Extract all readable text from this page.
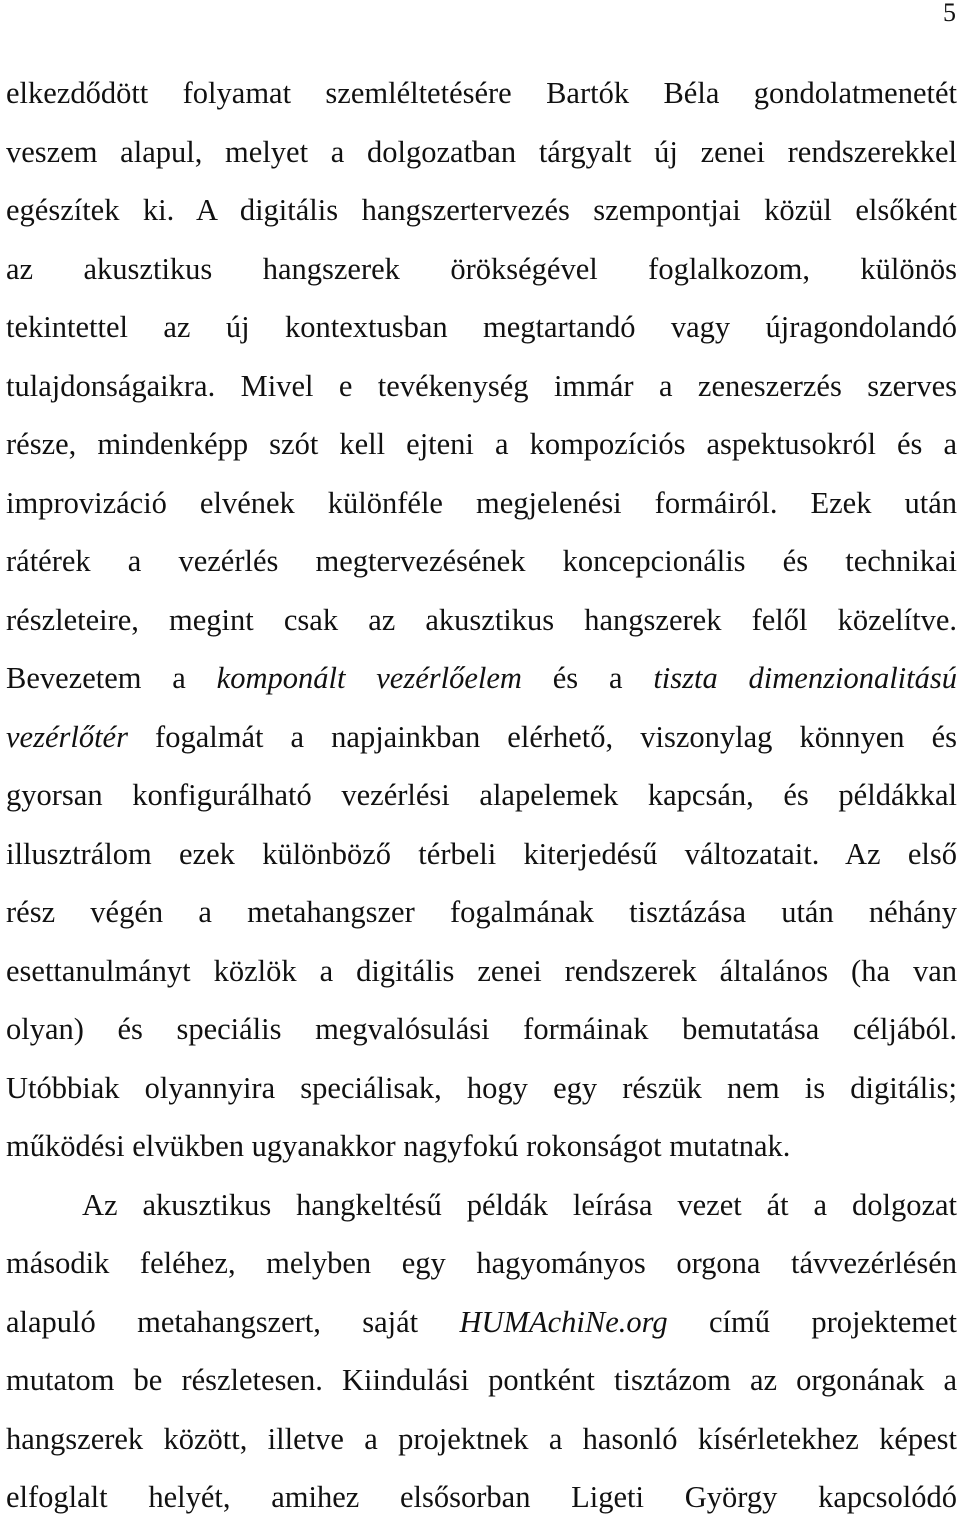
5
elkezdődött folyamat szemléltetésére Bartók Béla gondolatmenetét
veszem alapul, melyet a dolgozatban tárgyalt új zenei rendszerekkel
egészítek ki. A digitális hangszertervezés szempontjai közül elsőként
az akusztikus hangszerek örökségével foglalkozom, különös
tekintettel az új kontextusban megtartandó vagy újragondolandó
tulajdonságaikra. Mivel e tevékenység immár a zeneszerzés szerves
része, mindenképp szót kell ejteni a kompozíciós aspektusokról és a
improvizáció elvének különféle megjelenési formáiról. Ezek után
rátérek a vezérlés megtervezésének koncepcionális és technikai
részleteire, megint csak az akusztikus hangszerek felől közelítve.
Bevezetem a komponált vezérlőelem és a tiszta dimenzionalitású
vezérlőtér fogalmát a napjainkban elérhető, viszonylag könnyen és
gyorsan konfigurálható vezérlési alapelemek kapcsán, és példákkal
illusztrálom ezek különböző térbeli kiterjedésű változatait. Az első
rész végén a metahangszer fogalmának tisztázása után néhány
esettanulmányt közlök a digitális zenei rendszerek általános (ha van
olyan) és speciális megvalósulási formáinak bemutatása céljából.
Utóbbiak olyannyira speciálisak, hogy egy részük nem is digitális;
működési elvükben ugyanakkor nagyfokú rokonságot mutatnak.
Az akusztikus hangkeltésű példák leírása vezet át a dolgozat
második feléhez, melyben egy hagyományos orgona távvezérlésén
alapuló metahangszert, saját HUMAchiNe.org című projektemet
mutatom be részletesen. Kiindulási pontként tisztázom az orgonának a
hangszerek között, illetve a projektnek a hasonló kísérletekhez képest
elfoglalt helyét, amihez elsősorban Ligeti György kapcsolódó
